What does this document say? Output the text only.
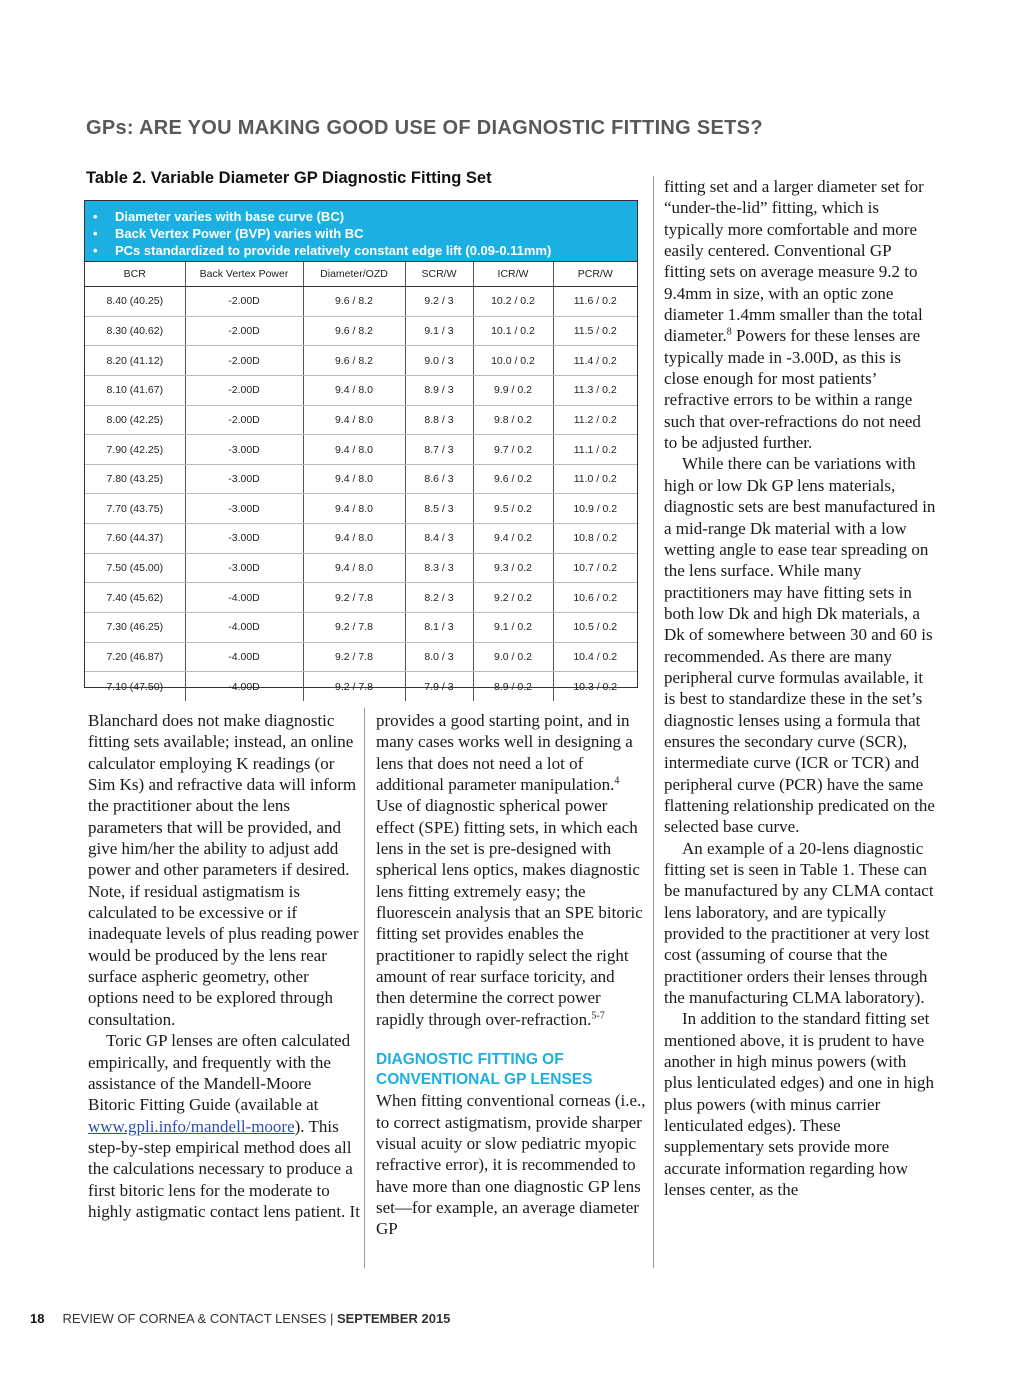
GPs: ARE YOU MAKING GOOD USE OF DIAGNOSTIC FITTING SETS?
Table 2. Variable Diameter GP Diagnostic Fitting Set
•	Diameter varies with base curve (BC)
•	Back Vertex Power (BVP) varies with BC
•	PCs standardized to provide relatively constant edge lift (0.09-0.11mm)
BCR	Back Vertex Power	Diameter/OZD	SCR/W	ICR/W	PCR/W
8.40 (40.25)	-2.00D	9.6 / 8.2	9.2 / 3	10.2 / 0.2	11.6 / 0.2
8.30 (40.62)	-2.00D	9.6 / 8.2	9.1 / 3	10.1 / 0.2	11.5 / 0.2
8.20 (41.12)	-2.00D	9.6 / 8.2	9.0 / 3	10.0 / 0.2	11.4 / 0.2
8.10 (41.67)	-2.00D	9.4 / 8.0	8.9 / 3	9.9 / 0.2	11.3 / 0.2
8.00 (42.25)	-2.00D	9.4 / 8.0	8.8 / 3	9.8 / 0.2	11.2 / 0.2
7.90 (42.25)	-3.00D	9.4 / 8.0	8.7 / 3	9.7 / 0.2	11.1 / 0.2
7.80 (43.25)	-3.00D	9.4 / 8.0	8.6 / 3	9.6 / 0.2	11.0 / 0.2
7.70 (43.75)	-3.00D	9.4 / 8.0	8.5 / 3	9.5 / 0.2	10.9 / 0.2
7.60 (44.37)	-3.00D	9.4 / 8.0	8.4 / 3	9.4 / 0.2	10.8 / 0.2
7.50 (45.00)	-3.00D	9.4 / 8.0	8.3 / 3	9.3 / 0.2	10.7 / 0.2
7.40 (45.62)	-4.00D	9.2 / 7.8	8.2 / 3	9.2 / 0.2	10.6 / 0.2
7.30 (46.25)	-4.00D	9.2 / 7.8	8.1 / 3	9.1 / 0.2	10.5 / 0.2
7.20 (46.87)	-4.00D	9.2 / 7.8	8.0 / 3	9.0 / 0.2	10.4 / 0.2
7.10 (47.50)	-4.00D	9.2 / 7.8	7.9 / 3	8.9 / 0.2	10.3 / 0.2

Blanchard does not make diagnostic fitting sets available; instead, an online calculator employing K readings (or Sim Ks) and refractive data will inform the practitioner about the lens parameters that will be provided, and give him/her the ability to adjust add power and other parameters if desired. Note, if residual astigmatism is calculated to be excessive or if inadequate levels of plus reading power would be produced by the lens rear surface aspheric geometry, other options need to be explored through consultation.

Toric GP lenses are often calculated empirically, and frequently with the assistance of the Mandell-Moore Bitoric Fitting Guide (available at www.gpli.info/mandell-moore). This step-by-step empirical method does all the calculations necessary to produce a first bitoric lens for the moderate to highly astigmatic contact lens patient. It

provides a good starting point, and in many cases works well in designing a lens that does not need a lot of additional parameter manipulation.$^4$ Use of diagnostic spherical power effect (SPE) fitting sets, in which each lens in the set is pre-designed with spherical lens optics, makes diagnostic lens fitting extremely easy; the fluorescein analysis that an SPE bitoric fitting set provides enables the practitioner to rapidly select the right amount of rear surface toricity, and then determine the correct power rapidly through over-refraction.$^{5-7}$

DIAGNOSTIC FITTING OF CONVENTIONAL GP LENSES

When fitting conventional corneas (i.e., to correct astigmatism, provide sharper visual acuity or slow pediatric myopic refractive error), it is recommended to have more than one diagnostic GP lens set—for example, an average diameter GP

fitting set and a larger diameter set for “under-the-lid” fitting, which is typically more comfortable and more easily centered. Conventional GP fitting sets on average measure 9.2 to 9.4mm in size, with an optic zone diameter 1.4mm smaller than the total diameter.$^8$ Powers for these lenses are typically made in -3.00D, as this is close enough for most patients’ refractive errors to be within a range such that over-refractions do not need to be adjusted further.

While there can be variations with high or low Dk GP lens materials, diagnostic sets are best manufactured in a mid-range Dk material with a low wetting angle to ease tear spreading on the lens surface. While many practitioners may have fitting sets in both low Dk and high Dk materials, a Dk of somewhere between 30 and 60 is recommended. As there are many peripheral curve formulas available, it is best to standardize these in the set’s diagnostic lenses using a formula that ensures the secondary curve (SCR), intermediate curve (ICR or TCR) and peripheral curve (PCR) have the same flattening relationship predicated on the selected base curve.

An example of a 20-lens diagnostic fitting set is seen in Table 1. These can be manufactured by any CLMA contact lens laboratory, and are typically provided to the practitioner at very lost cost (assuming of course that the practitioner orders their lenses through the manufacturing CLMA laboratory).

In addition to the standard fitting set mentioned above, it is prudent to have another in high minus powers (with plus lenticulated edges) and one in high plus powers (with minus carrier lenticulated edges). These supplementary sets provide more accurate information regarding how lenses center, as the

18 REVIEW OF CORNEA & CONTACT LENSES | SEPTEMBER 2015
